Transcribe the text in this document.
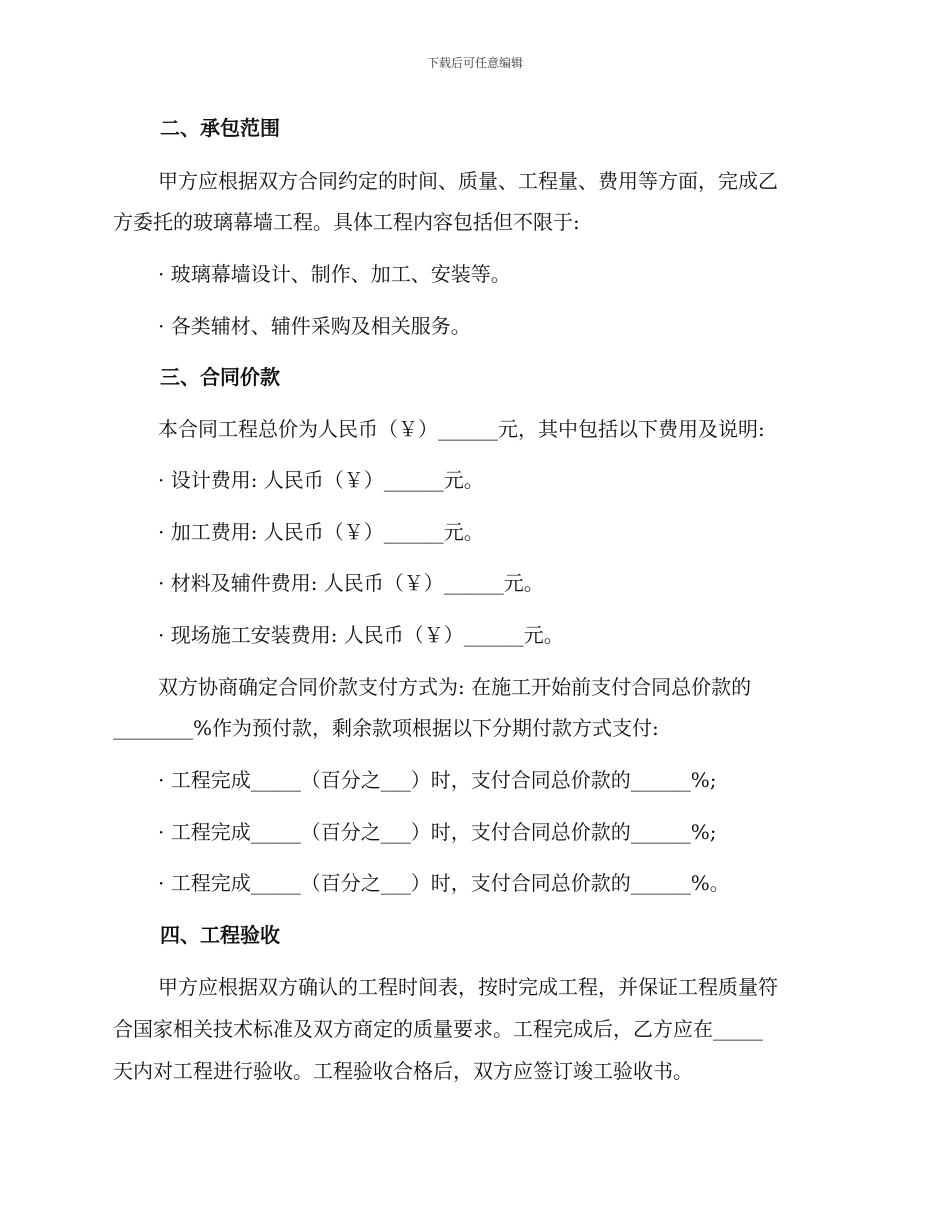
下载后可任意编辑
二、承包范围
甲方应根据双方合同约定的时间、质量、工程量、费用等方面，完成乙
方委托的玻璃幕墙工程。具体工程内容包括但不限于:
· 玻璃幕墙设计、制作、加工、安装等。
· 各类辅材、辅件采购及相关服务。
三、合同价款
本合同工程总价为人民币（￥）______元，其中包括以下费用及说明:
· 设计费用: 人民币（￥）______元。
· 加工费用: 人民币（￥）______元。
· 材料及辅件费用: 人民币（￥）______元。
· 现场施工安装费用: 人民币（￥）______元。
双方协商确定合同价款支付方式为: 在施工开始前支付合同总价款的
________%作为预付款，剩余款项根据以下分期付款方式支付:
· 工程完成_____（百分之___）时，支付合同总价款的______%;
· 工程完成_____（百分之___）时，支付合同总价款的______%;
· 工程完成_____（百分之___）时，支付合同总价款的______%。
四、工程验收
甲方应根据双方确认的工程时间表，按时完成工程，并保证工程质量符
合国家相关技术标准及双方商定的质量要求。工程完成后，乙方应在_____
天内对工程进行验收。工程验收合格后，双方应签订竣工验收书。
